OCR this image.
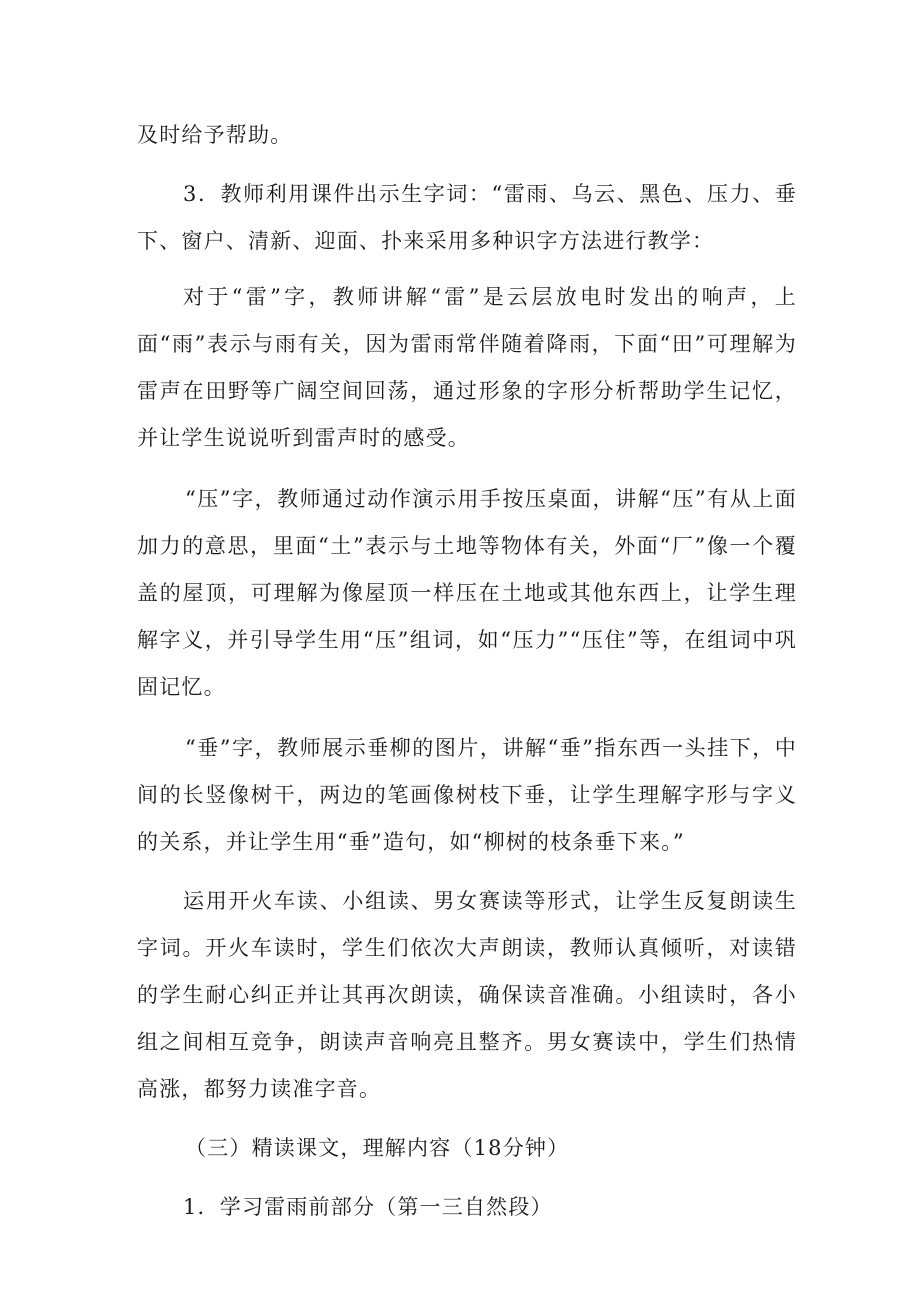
及时给予帮助。

3．教师利用课件出示生字词：“雷雨、乌云、黑色、压力、垂下、窗户、清新、迎面、扑来采用多种识字方法进行教学：

对于“雷”字，教师讲解“雷”是云层放电时发出的响声，上面“雨”表示与雨有关，因为雷雨常伴随着降雨，下面“田”可理解为雷声在田野等广阔空间回荡，通过形象的字形分析帮助学生记忆，并让学生说说听到雷声时的感受。

“压”字，教师通过动作演示用手按压桌面，讲解“压”有从上面加力的意思，里面“土”表示与土地等物体有关，外面“厂”像一个覆盖的屋顶，可理解为像屋顶一样压在土地或其他东西上，让学生理解字义，并引导学生用“压”组词，如“压力”“压住”等，在组词中巩固记忆。

“垂”字，教师展示垂柳的图片，讲解“垂”指东西一头挂下，中间的长竖像树干，两边的笔画像树枝下垂，让学生理解字形与字义的关系，并让学生用“垂”造句，如“柳树的枝条垂下来。”

运用开火车读、小组读、男女赛读等形式，让学生反复朗读生字词。开火车读时，学生们依次大声朗读，教师认真倾听，对读错的学生耐心纠正并让其再次朗读，确保读音准确。小组读时，各小组之间相互竞争，朗读声音响亮且整齐。男女赛读中，学生们热情高涨，都努力读准字音。

（三）精读课文，理解内容（18分钟）

1．学习雷雨前部分（第一三自然段）
